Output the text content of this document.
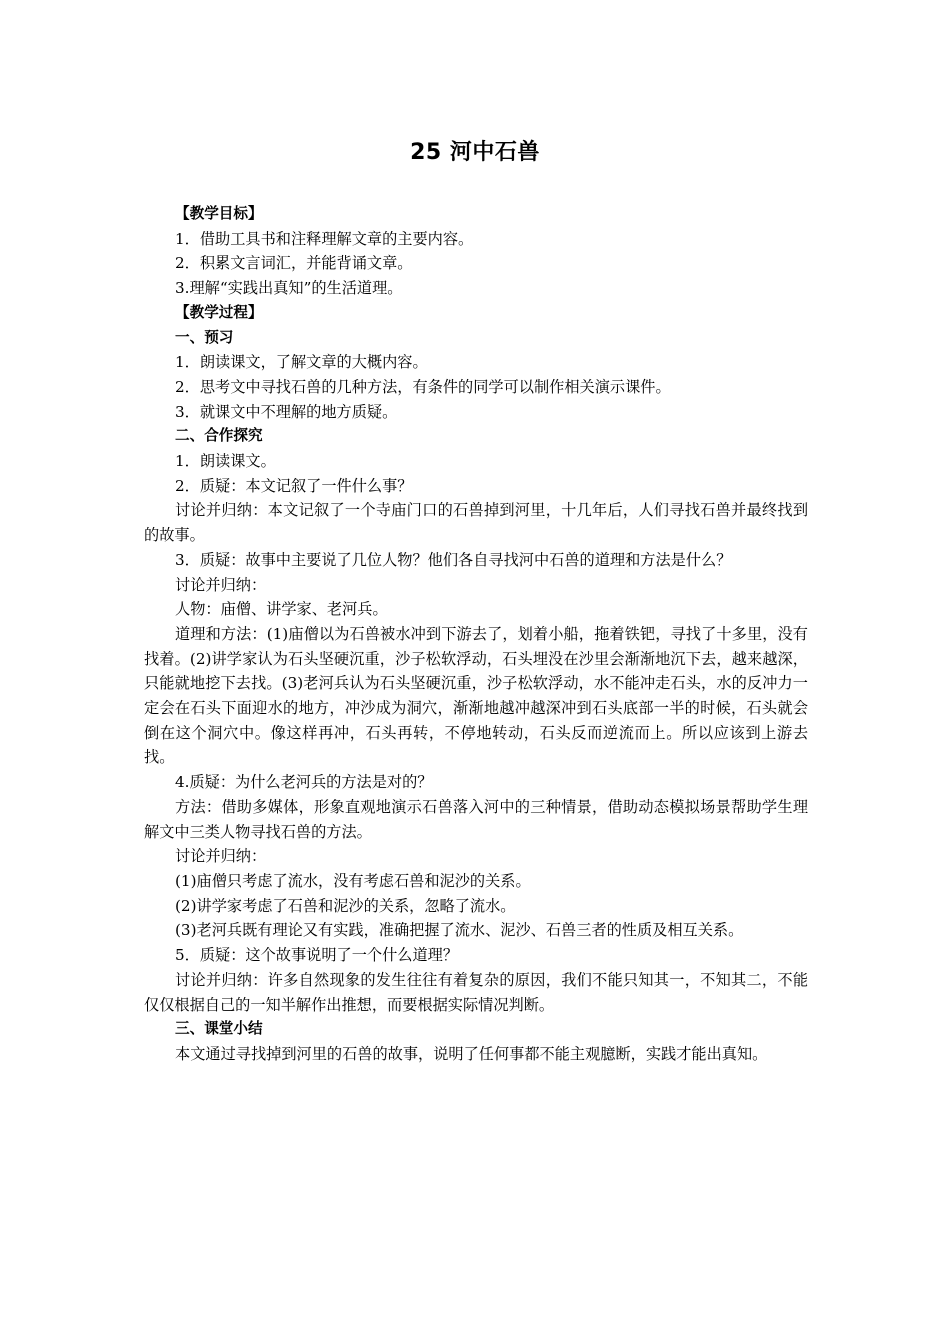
25 河中石兽

【教学目标】

1．借助工具书和注释理解文章的主要内容。

2．积累文言词汇，并能背诵文章。

3.理解“实践出真知”的生活道理。

【教学过程】

一、预习

1．朗读课文，了解文章的大概内容。

2．思考文中寻找石兽的几种方法，有条件的同学可以制作相关演示课件。

3．就课文中不理解的地方质疑。

二、合作探究

1．朗读课文。

2．质疑：本文记叙了一件什么事？

讨论并归纳：本文记叙了一个寺庙门口的石兽掉到河里，十几年后，人们寻找石兽并最终找到的故事。

3．质疑：故事中主要说了几位人物？他们各自寻找河中石兽的道理和方法是什么？

讨论并归纳：

人物：庙僧、讲学家、老河兵。

道理和方法：(1)庙僧以为石兽被水冲到下游去了，划着小船，拖着铁钯，寻找了十多里，没有找着。(2)讲学家认为石头坚硬沉重，沙子松软浮动，石头埋没在沙里会渐渐地沉下去，越来越深，只能就地挖下去找。(3)老河兵认为石头坚硬沉重，沙子松软浮动，水不能冲走石头，水的反冲力一定会在石头下面迎水的地方，冲沙成为洞穴，渐渐地越冲越深冲到石头底部一半的时候，石头就会倒在这个洞穴中。像这样再冲，石头再转，不停地转动，石头反而逆流而上。所以应该到上游去找。

4.质疑：为什么老河兵的方法是对的？

方法：借助多媒体，形象直观地演示石兽落入河中的三种情景，借助动态模拟场景帮助学生理解文中三类人物寻找石兽的方法。

讨论并归纳：

(1)庙僧只考虑了流水，没有考虑石兽和泥沙的关系。

(2)讲学家考虑了石兽和泥沙的关系，忽略了流水。

(3)老河兵既有理论又有实践，准确把握了流水、泥沙、石兽三者的性质及相互关系。

5．质疑：这个故事说明了一个什么道理？

讨论并归纳：许多自然现象的发生往往有着复杂的原因，我们不能只知其一，不知其二，不能仅仅根据自己的一知半解作出推想，而要根据实际情况判断。

三、课堂小结

本文通过寻找掉到河里的石兽的故事，说明了任何事都不能主观臆断，实践才能出真知。
